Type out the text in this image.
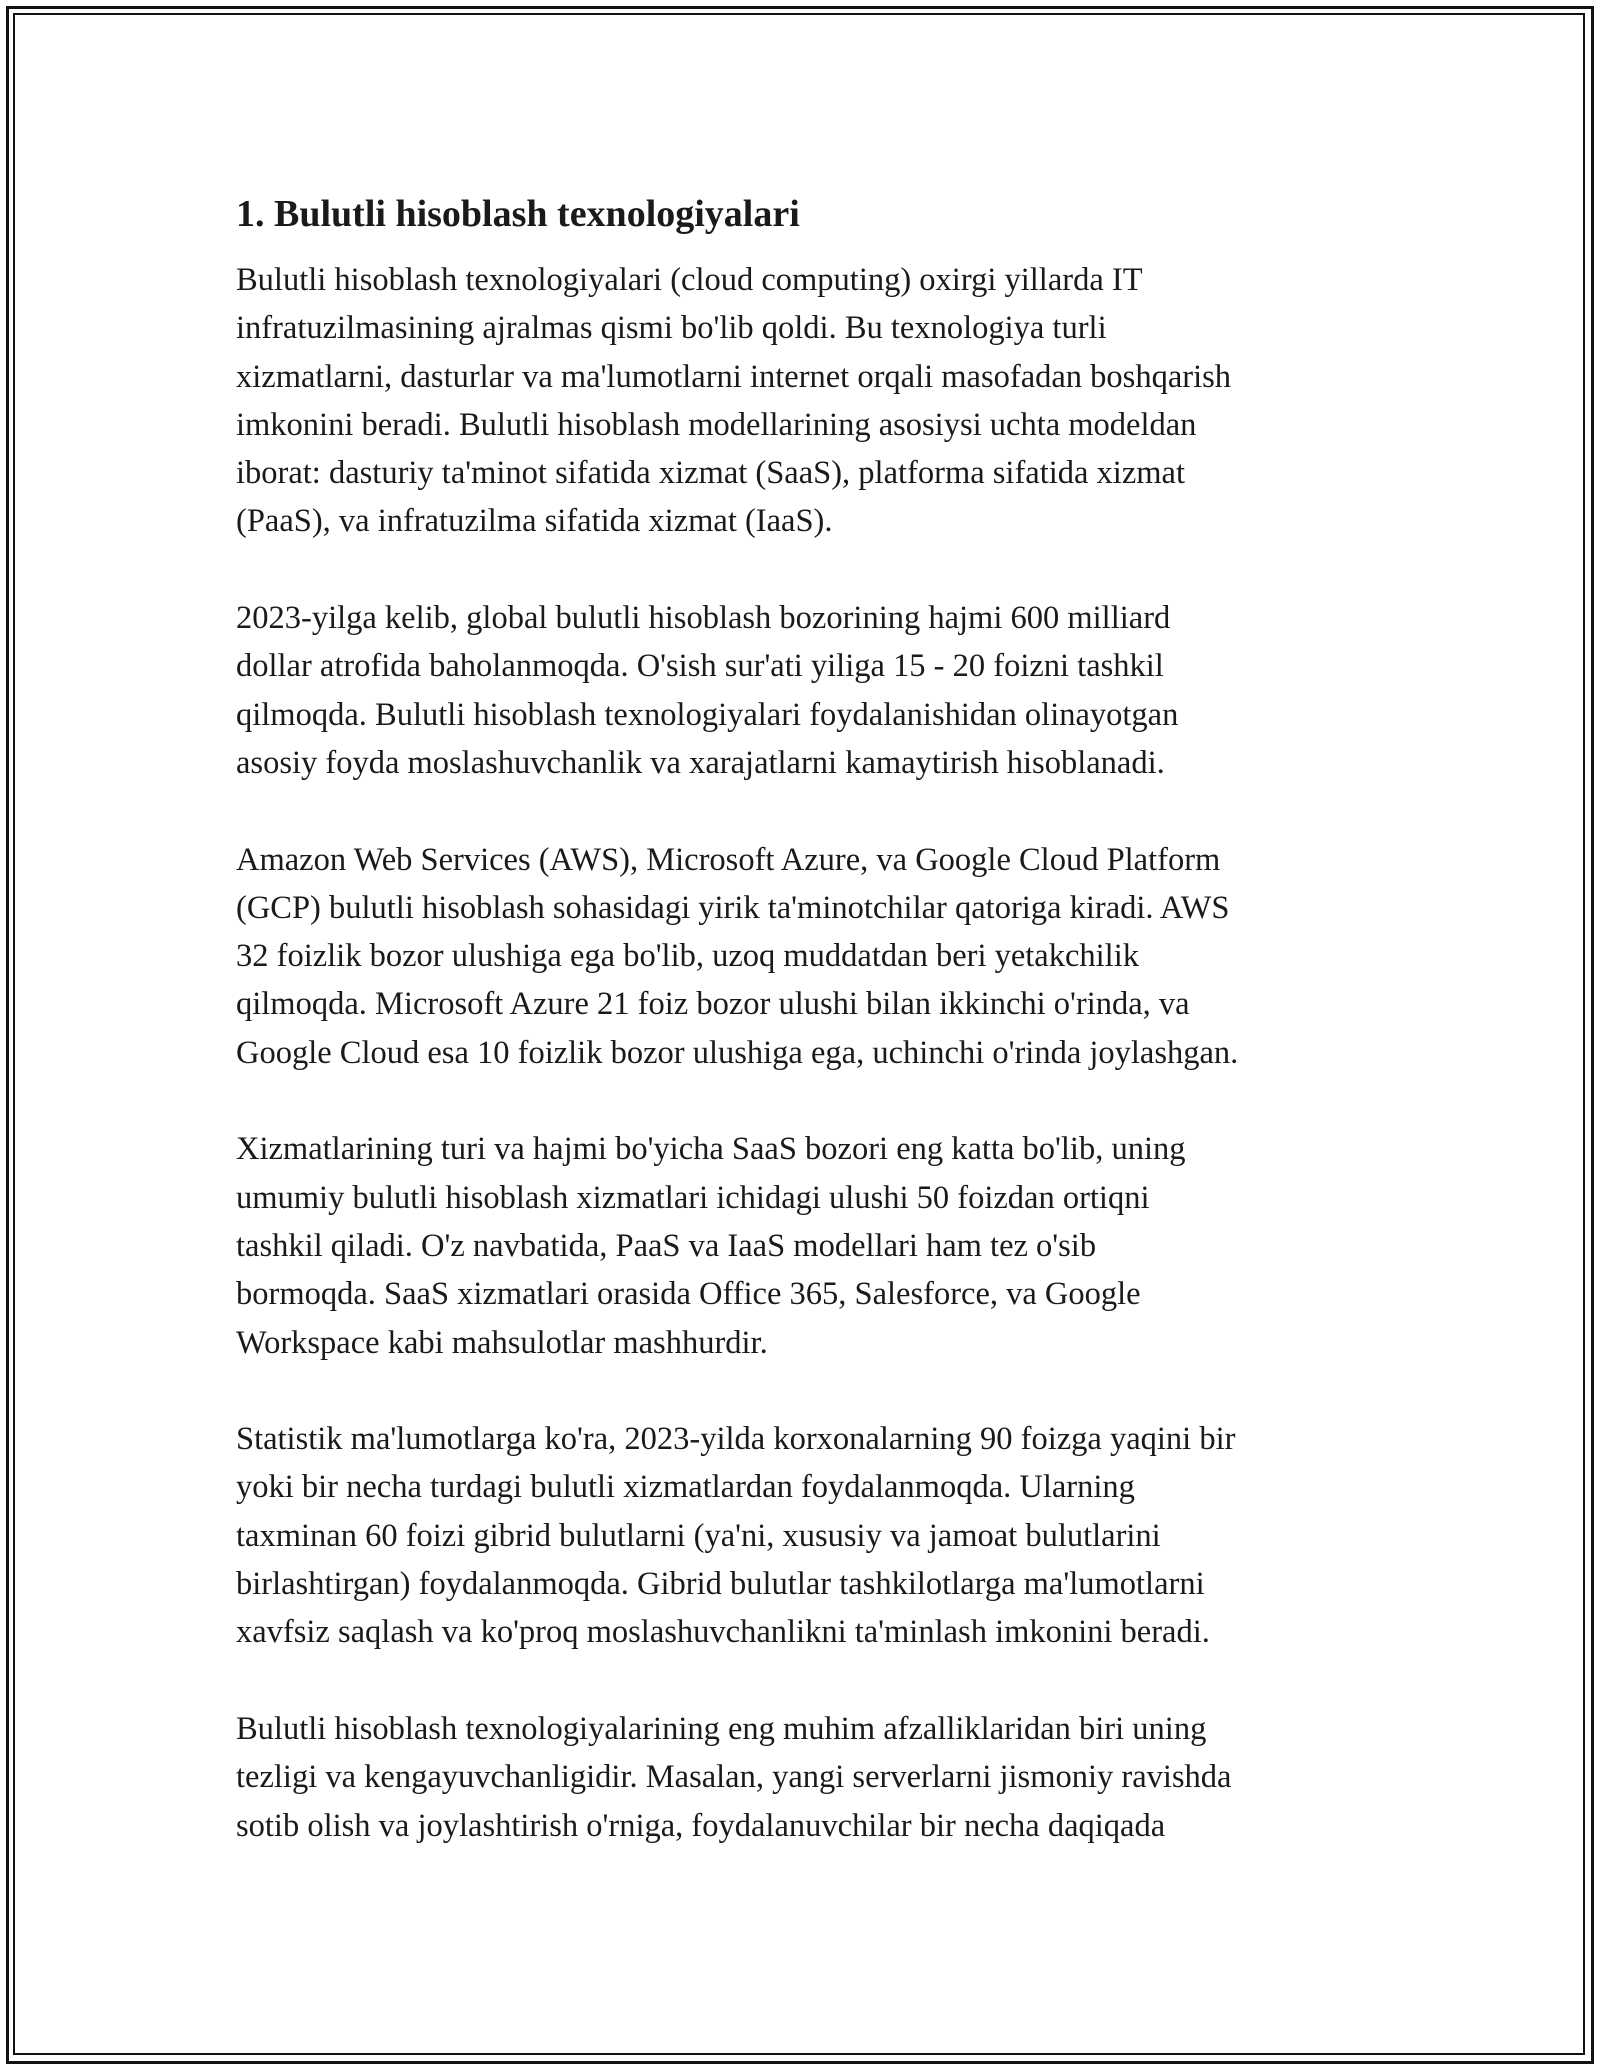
1. Bulutli hisoblash texnologiyalari

Bulutli hisoblash texnologiyalari (cloud computing) oxirgi yillarda IT
infratuzilmasining ajralmas qismi bo'lib qoldi. Bu texnologiya turli
xizmatlarni, dasturlar va ma'lumotlarni internet orqali masofadan boshqarish
imkonini beradi. Bulutli hisoblash modellarining asosiysi uchta modeldan
iborat: dasturiy ta'minot sifatida xizmat (SaaS), platforma sifatida xizmat
(PaaS), va infratuzilma sifatida xizmat (IaaS).

2023-yilga kelib, global bulutli hisoblash bozorining hajmi 600 milliard
dollar atrofida baholanmoqda. O'sish sur'ati yiliga 15 - 20 foizni tashkil
qilmoqda. Bulutli hisoblash texnologiyalari foydalanishidan olinayotgan
asosiy foyda moslashuvchanlik va xarajatlarni kamaytirish hisoblanadi.

Amazon Web Services (AWS), Microsoft Azure, va Google Cloud Platform
(GCP) bulutli hisoblash sohasidagi yirik ta'minotchilar qatoriga kiradi. AWS
32 foizlik bozor ulushiga ega bo'lib, uzoq muddatdan beri yetakchilik
qilmoqda. Microsoft Azure 21 foiz bozor ulushi bilan ikkinchi o'rinda, va
Google Cloud esa 10 foizlik bozor ulushiga ega, uchinchi o'rinda joylashgan.

Xizmatlarining turi va hajmi bo'yicha SaaS bozori eng katta bo'lib, uning
umumiy bulutli hisoblash xizmatlari ichidagi ulushi 50 foizdan ortiqni
tashkil qiladi. O'z navbatida, PaaS va IaaS modellari ham tez o'sib
bormoqda. SaaS xizmatlari orasida Office 365, Salesforce, va Google
Workspace kabi mahsulotlar mashhurdir.

Statistik ma'lumotlarga ko'ra, 2023-yilda korxonalarning 90 foizga yaqini bir
yoki bir necha turdagi bulutli xizmatlardan foydalanmoqda. Ularning
taxminan 60 foizi gibrid bulutlarni (ya'ni, xususiy va jamoat bulutlarini
birlashtirgan) foydalanmoqda. Gibrid bulutlar tashkilotlarga ma'lumotlarni
xavfsiz saqlash va ko'proq moslashuvchanlikni ta'minlash imkonini beradi.

Bulutli hisoblash texnologiyalarining eng muhim afzalliklaridan biri uning
tezligi va kengayuvchanligidir. Masalan, yangi serverlarni jismoniy ravishda
sotib olish va joylashtirish o'rniga, foydalanuvchilar bir necha daqiqada
